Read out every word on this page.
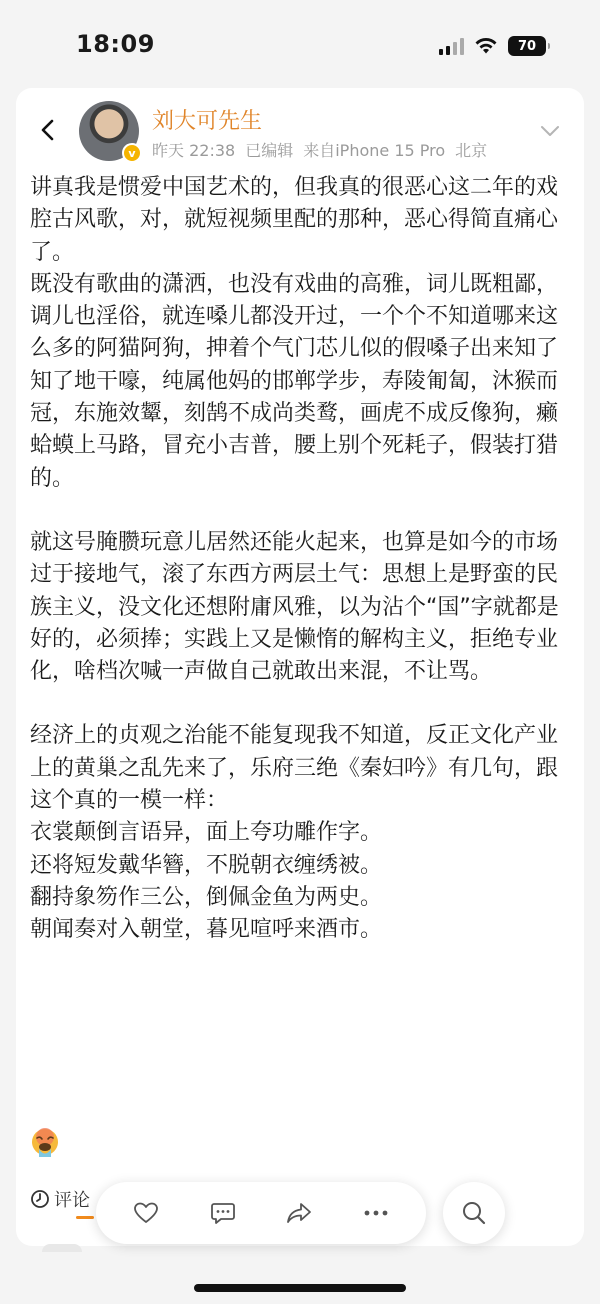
18:09	70
v
刘大可先生
昨天 22:38 已编辑 来自iPhone 15 Pro 北京

讲真我是惯爱中国艺术的，但我真的很恶心这二年的戏腔古风歌，对，就短视频里配的那种，恶心得简直痛心了。

既没有歌曲的潇洒，也没有戏曲的高雅，词儿既粗鄙，调儿也淫俗，就连嗓儿都没开过，一个个不知道哪来这么多的阿猫阿狗，抻着个气门芯儿似的假嗓子出来知了知了地干嚎，纯属他妈的邯郸学步，寿陵匍匐，沐猴而冠，东施效颦，刻鹄不成尚类鹜，画虎不成反像狗，癞蛤蟆上马路，冒充小吉普，腰上别个死耗子，假装打猎的。

就这号腌臜玩意儿居然还能火起来，也算是如今的市场过于接地气，滚了东西方两层土气：思想上是野蛮的民族主义，没文化还想附庸风雅，以为沾个“国”字就都是好的，必须捧；实践上又是懒惰的解构主义，拒绝专业化，啥档次喊一声做自己就敢出来混，不让骂。

经济上的贞观之治能不能复现我不知道，反正文化产业上的黄巢之乱先来了，乐府三绝《秦妇吟》有几句，跟这个真的一模一样：

衣裳颠倒言语异，面上夸功雕作字。

还将短发戴华簪，不脱朝衣缠绣被。

翻持象笏作三公，倒佩金鱼为两史。

朝闻奏对入朝堂，暮见喧呼来酒市。

评论
